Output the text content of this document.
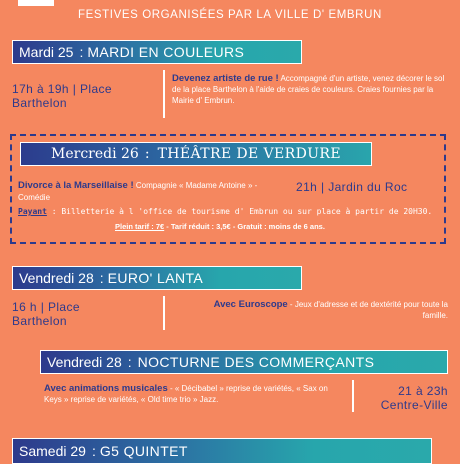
FESTIVES ORGANISÉES PAR LA VILLE D' EMBRUN
Mardi 25 : MARDI EN COULEURS
17h à 19h | Place
Barthelon
Devenez artiste de rue ! Accompagné d'un artiste, venez décorer le sol de la place Barthelon à l'aide de craies de couleurs. Craies fournies par la Mairie d' Embrun.
Mercredi 26 : THÉÂTRE DE VERDURE
Divorce à la Marseillaise ! Compagnie « Madame Antoine » -
Comédie
21h | Jardin du Roc
Payant : Billetterie à l 'office de tourisme d' Embrun ou sur place à partir de 20H30.
Plein tarif : 7€ - Tarif réduit : 3,5€ - Gratuit : moins de 6 ans.
Vendredi 28 : EURO' LANTA
16 h | Place
Barthelon
Avec Euroscope - Jeux d'adresse et de dextérité pour toute la famille.
Vendredi 28 : NOCTURNE DES COMMERÇANTS
Avec animations musicales - « Décibabel » reprise de variétés, « Sax on Keys » reprise de variétés, « Old time trio » Jazz.
21 à 23h
Centre-Ville
Samedi 29 : G5 QUINTET
